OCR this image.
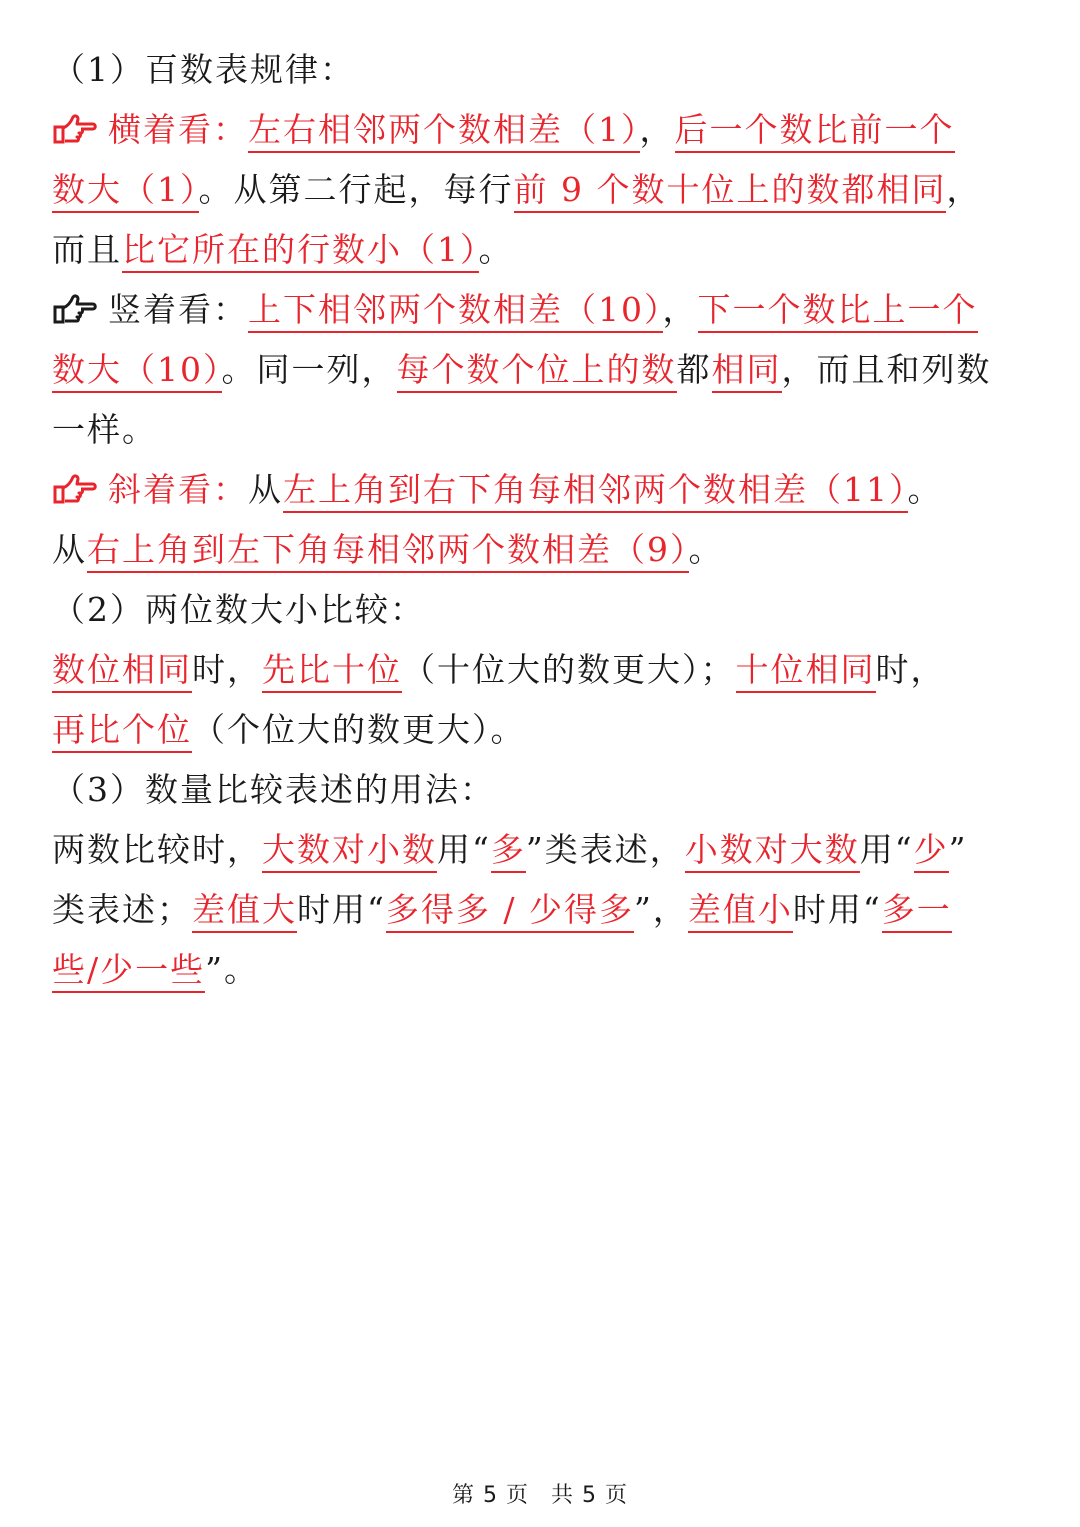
（1）百数表规律：
横着看：左右相邻两个数相差（1），后一个数比前一个
数大（1）。从第二行起，每行前 9 个数十位上的数都相同，
而且比它所在的行数小（1）。
竖着看：上下相邻两个数相差（10），下一个数比上一个
数大（10）。同一列，每个数个位上的数都相同，而且和列数
一样。
斜着看：从左上角到右下角每相邻两个数相差（11）。
从右上角到左下角每相邻两个数相差（9）。
（2）两位数大小比较：
数位相同时，先比十位（十位大的数更大）；十位相同时，
再比个位（个位大的数更大）。
（3）数量比较表述的用法：
两数比较时，大数对小数用“多”类表述，小数对大数用“少”
类表述；差值大时用“多得多 / 少得多”，差值小时用“多一
些/少一些”。
第 5 页 共 5 页
